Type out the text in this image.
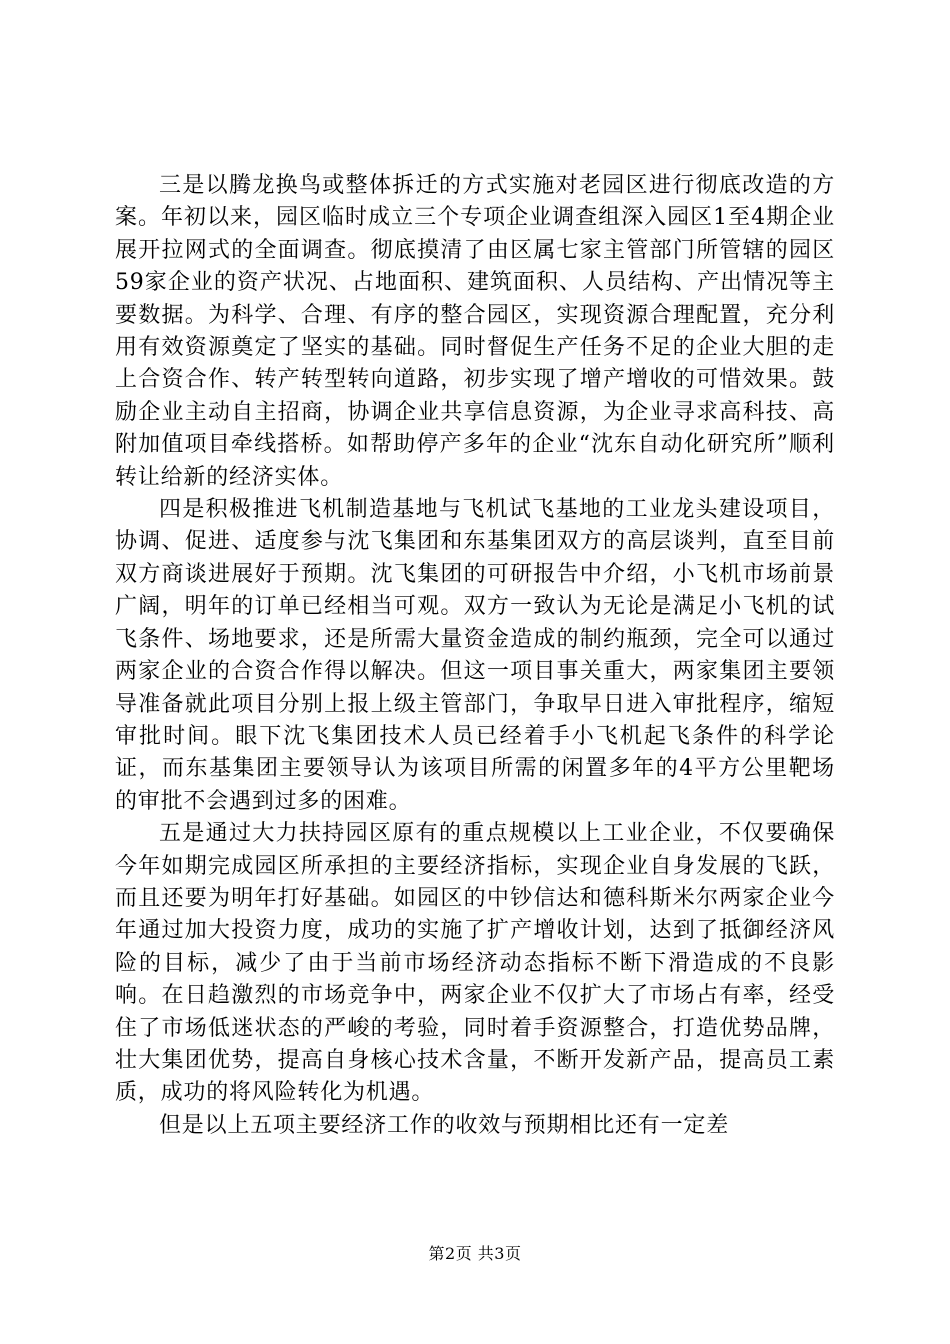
三是以腾龙换鸟或整体拆迁的方式实施对老园区进行彻底改造的方案。年初以来，园区临时成立三个专项企业调查组深入园区1至4期企业展开拉网式的全面调查。彻底摸清了由区属七家主管部门所管辖的园区59家企业的资产状况、占地面积、建筑面积、人员结构、产出情况等主要数据。为科学、合理、有序的整合园区，实现资源合理配置，充分利用有效资源奠定了坚实的基础。同时督促生产任务不足的企业大胆的走上合资合作、转产转型转向道路，初步实现了增产增收的可惜效果。鼓励企业主动自主招商，协调企业共享信息资源，为企业寻求高科技、高附加值项目牵线搭桥。如帮助停产多年的企业“沈东自动化研究所”顺利转让给新的经济实体。

四是积极推进飞机制造基地与飞机试飞基地的工业龙头建设项目，协调、促进、适度参与沈飞集团和东基集团双方的高层谈判，直至目前双方商谈进展好于预期。沈飞集团的可研报告中介绍，小飞机市场前景广阔，明年的订单已经相当可观。双方一致认为无论是满足小飞机的试飞条件、场地要求，还是所需大量资金造成的制约瓶颈，完全可以通过两家企业的合资合作得以解决。但这一项目事关重大，两家集团主要领导准备就此项目分别上报上级主管部门，争取早日进入审批程序，缩短审批时间。眼下沈飞集团技术人员已经着手小飞机起飞条件的科学论证，而东基集团主要领导认为该项目所需的闲置多年的4平方公里靶场的审批不会遇到过多的困难。

五是通过大力扶持园区原有的重点规模以上工业企业，不仅要确保今年如期完成园区所承担的主要经济指标，实现企业自身发展的飞跃，而且还要为明年打好基础。如园区的中钞信达和德科斯米尔两家企业今年通过加大投资力度，成功的实施了扩产增收计划，达到了抵御经济风险的目标，减少了由于当前市场经济动态指标不断下滑造成的不良影响。在日趋激烈的市场竞争中，两家企业不仅扩大了市场占有率，经受住了市场低迷状态的严峻的考验，同时着手资源整合，打造优势品牌，壮大集团优势，提高自身核心技术含量，不断开发新产品，提高员工素质，成功的将风险转化为机遇。

但是以上五项主要经济工作的收效与预期相比还有一定差

第2页 共3页
